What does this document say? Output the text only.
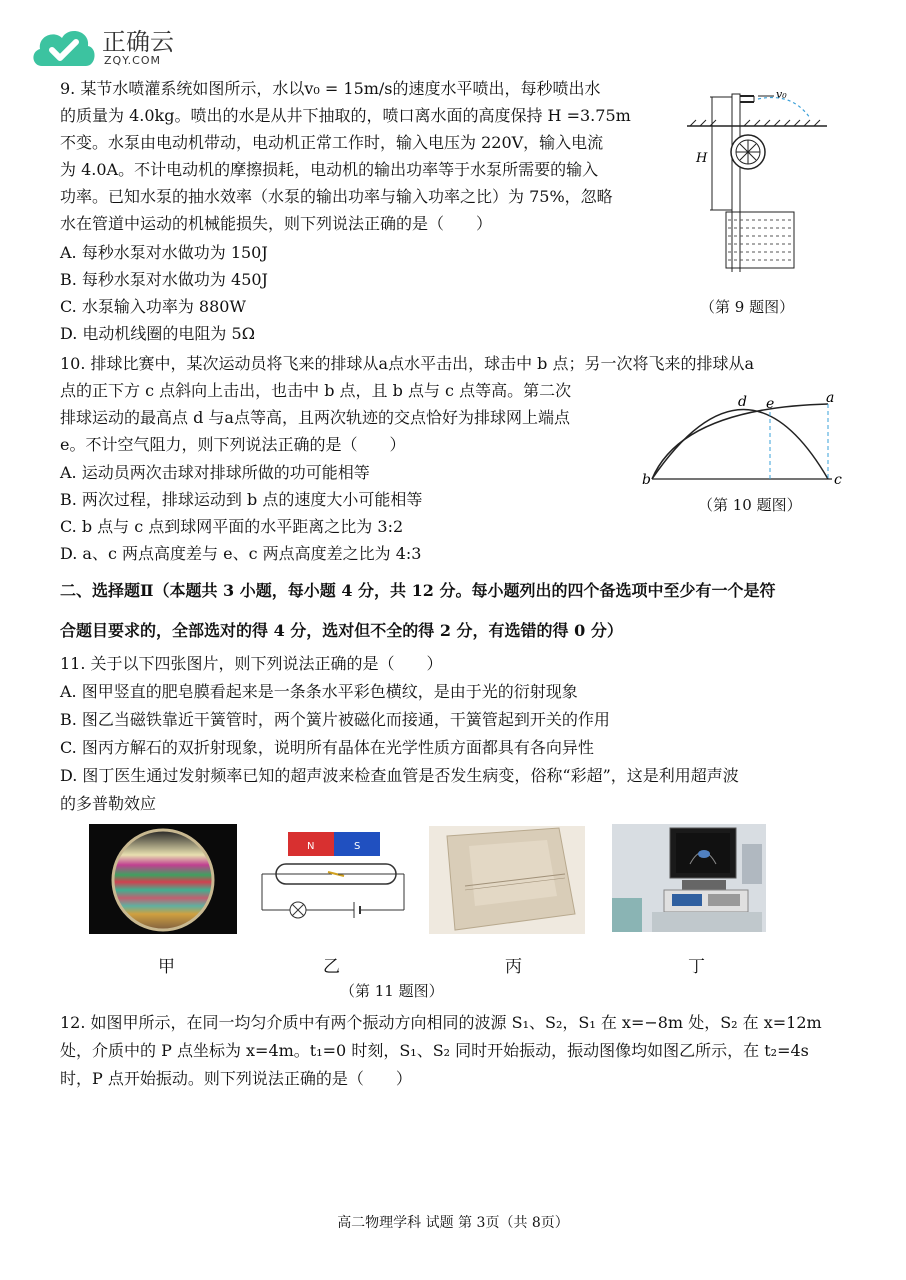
正确云
ZQY.COM
9. 某节水喷灌系统如图所示，水以v₀ = 15m/s的速度水平喷出，每秒喷出水
的质量为 4.0kg。喷出的水是从井下抽取的，喷口离水面的高度保持 H =3.75m
不变。水泵由电动机带动，电动机正常工作时，输入电压为 220V，输入电流
为 4.0A。不计电动机的摩擦损耗，电动机的输出功率等于水泵所需要的输入
功率。已知水泵的抽水效率（水泵的输出功率与输入功率之比）为 75%，忽略
水在管道中运动的机械能损失，则下列说法正确的是（　　）
A. 每秒水泵对水做功为 150J
B. 每秒水泵对水做功为 450J
C. 水泵输入功率为 880W
D. 电动机线圈的电阻为 5Ω
H
v₀
（第 9 题图）
10. 排球比赛中，某次运动员将飞来的排球从a点水平击出，球击中 b 点；另一次将飞来的排球从a
点的正下方 c 点斜向上击出，也击中 b 点，且 b 点与 c 点等高。第二次
排球运动的最高点 d 与a点等高，且两次轨迹的交点恰好为排球网上端点
e。不计空气阻力，则下列说法正确的是（　　）
A. 运动员两次击球对排球所做的功可能相等
B. 两次过程，排球运动到 b 点的速度大小可能相等
C. b 点与 c 点到球网平面的水平距离之比为 3:2
D. a、c 两点高度差与 e、c 两点高度差之比为 4:3
a
b	c
d e
（第 10 题图）
二、选择题Ⅱ（本题共 3 小题，每小题 4 分，共 12 分。每小题列出的四个备选项中至少有一个是符
合题目要求的，全部选对的得 4 分，选对但不全的得 2 分，有选错的得 0 分）
11. 关于以下四张图片，则下列说法正确的是（　　）
A. 图甲竖直的肥皂膜看起来是一条条水平彩色横纹，是由于光的衍射现象
B. 图乙当磁铁靠近干簧管时，两个簧片被磁化而接通，干簧管起到开关的作用
C. 图丙方解石的双折射现象，说明所有晶体在光学性质方面都具有各向异性
D. 图丁医生通过发射频率已知的超声波来检查血管是否发生病变，俗称“彩超”，这是利用超声波
的多普勒效应
甲
N	S
乙	丙	丁
（第 11 题图）
12. 如图甲所示，在同一均匀介质中有两个振动方向相同的波源 S₁、S₂，S₁ 在 x=−8m 处，S₂ 在 x=12m
处，介质中的 P 点坐标为 x=4m。t₁=0 时刻，S₁、S₂ 同时开始振动，振动图像均如图乙所示，在 t₂=4s
时，P 点开始振动。则下列说法正确的是（　　）
高二物理学科 试题 第 3页（共 8页）
